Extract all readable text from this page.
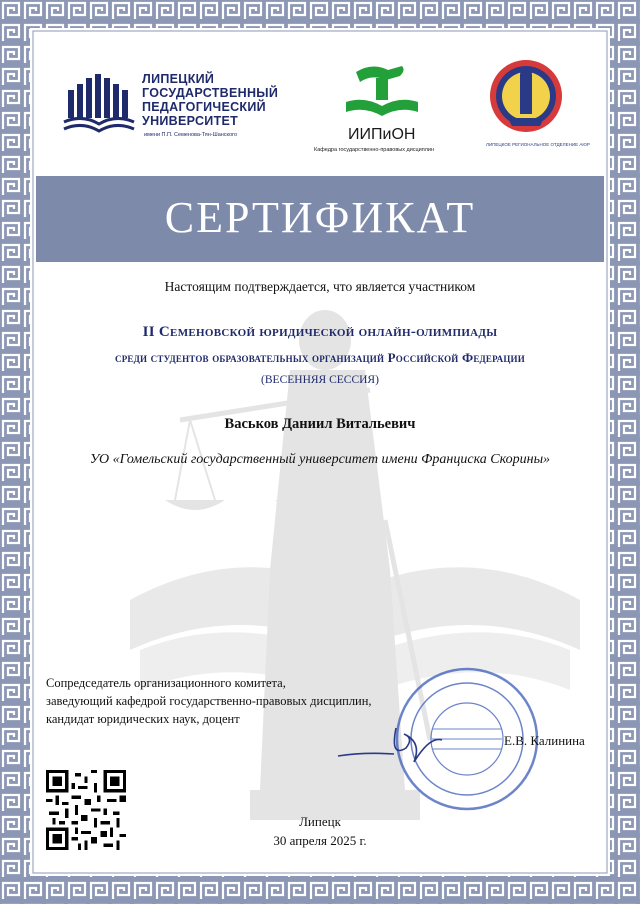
ЛИПЕЦКИЙ
ГОСУДАРСТВЕННЫЙ
ПЕДАГОГИЧЕСКИЙ
УНИВЕРСИТЕТ
имени П.П. Семенова-Тян-Шанского	ИИПиОН
Кафедра государственно-правовых дисциплин
ЛИПЕЦКОЕ РЕГИОНАЛЬНОЕ ОТДЕЛЕНИЕ АЮР
СЕРТИФИКАТ
Настоящим подтверждается, что является участником
II Семеновской юридической онлайн-олимпиады
среди студентов образовательных организаций Российской Федерации
(ВЕСЕННЯЯ СЕССИЯ)
Васьков Даниил Витальевич
УО «Гомельский государственный университет имени Франциска Скорины»
Сопредседатель организационного комитета,
заведующий кафедрой государственно-правовых дисциплин,
кандидат юридических наук, доцент
Е.В. Калинина
Липецк
30 апреля 2025 г.
